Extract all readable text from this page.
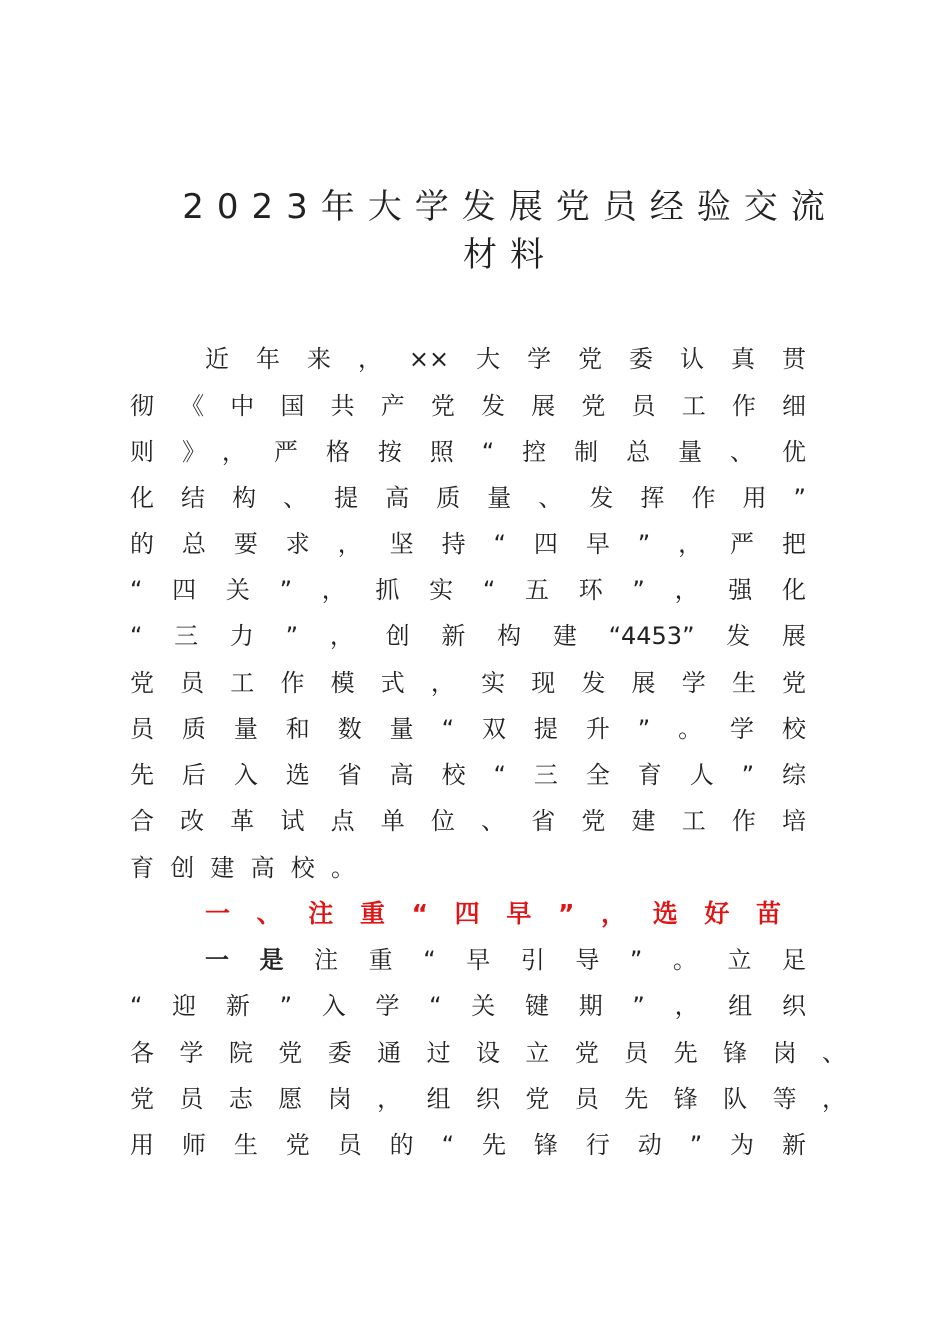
2023年大学发展党员经验交流
材料
近年来，××大学党委认真贯
彻《中国共产党发展党员工作细
则》，严格按照“控制总量、优
化结构、提高质量、发挥作用”
的总要求，坚持“四早”，严把
“四关”，抓实“五环”，强化
“三力”，创新构建“4453”发展
党员工作模式，实现发展学生党
员质量和数量“双提升”。学校
先后入选省高校“三全育人”综
合改革试点单位、省党建工作培
育创建高校。
一、注重“四早”，选好苗
一是注重“早引导”。立足
“迎新”入学“关键期”，组织
各学院党委通过设立党员先锋岗、
党员志愿岗，组织党员先锋队等，
用师生党员的“先锋行动”为新
